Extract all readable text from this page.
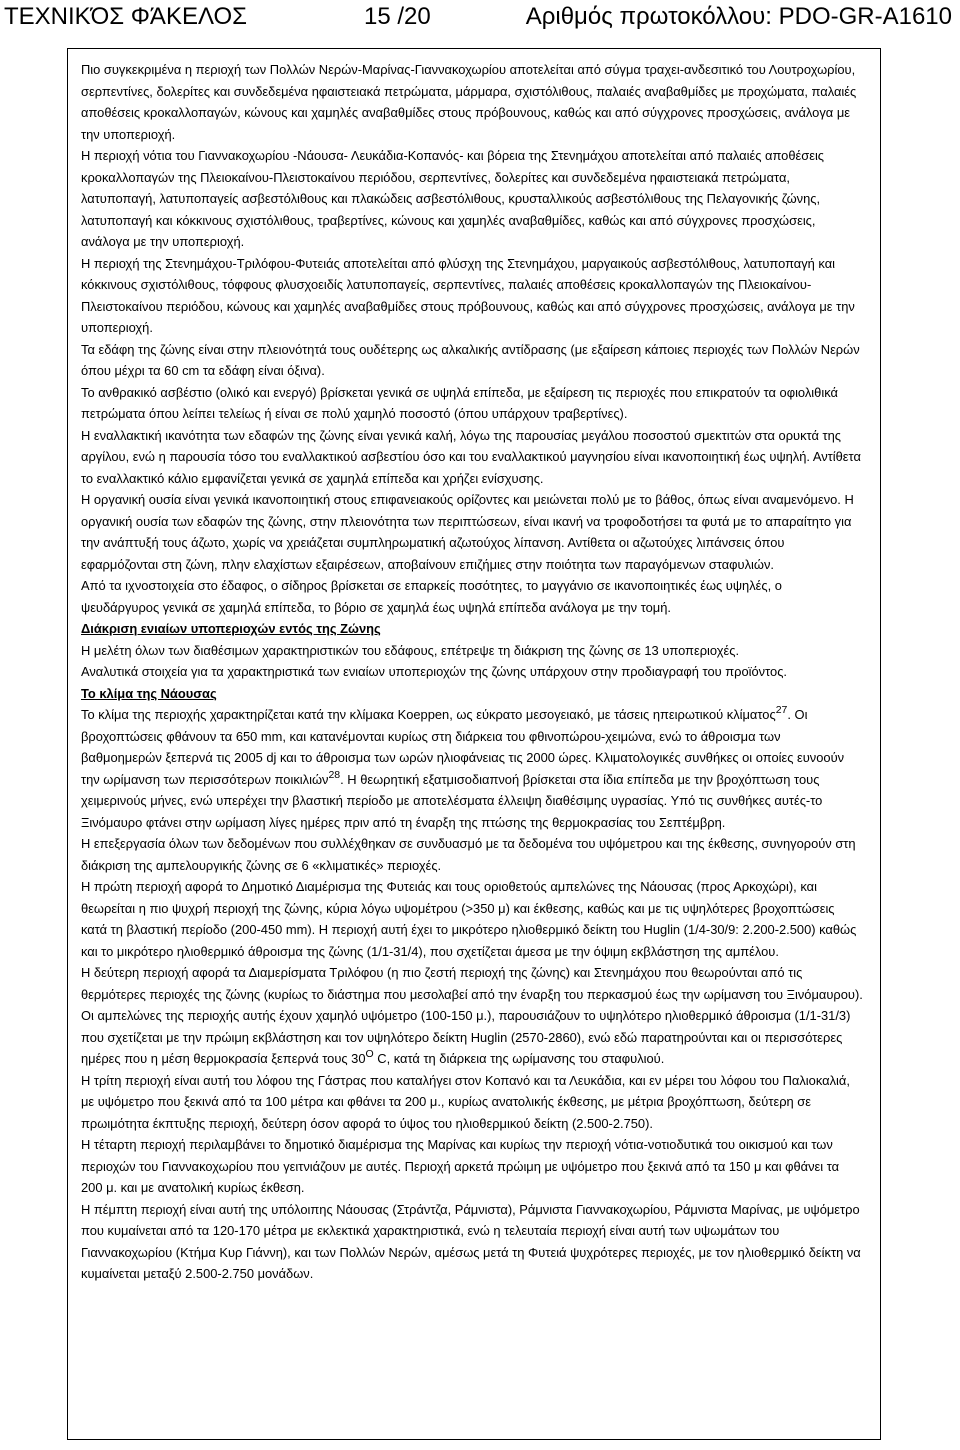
ΤΕΧΝΙΚΌΣ ΦΆΚΕΛΟΣ	15 /20	Αριθμός πρωτοκόλλου: PDO-GR-A1610

Πιο συγκεκριμένα η περιοχή των Πολλών Νερών-Μαρίνας-Γιαννακοχωρίου αποτελείται από σύγμα τραχει-ανδεσιτικό του Λουτροχωρίου, σερπεντίνες, δολερίτες και συνδεδεμένα ηφαιστειακά πετρώματα, μάρμαρα, σχιστόλιθους, παλαιές αναβαθμίδες με προχώματα, παλαιές αποθέσεις κροκαλλοπαγών, κώνους και χαμηλές αναβαθμίδες στους πρόβουνους, καθώς και από σύγχρονες προσχώσεις, ανάλογα με την υποπεριοχή.

Η περιοχή νότια του Γιαννακοχωρίου -Νάουσα- Λευκάδια-Κοπανός- και βόρεια της Στενημάχου αποτελείται από παλαιές αποθέσεις κροκαλλοπαγών της Πλειοκαίνου-Πλειστοκαίνου περιόδου, σερπεντίνες, δολερίτες και συνδεδεμένα ηφαιστειακά πετρώματα, λατυποπαγή, λατυποπαγείς ασβεστόλιθους και πλακώδεις ασβεστόλιθους, κρυσταλλικούς ασβεστόλιθους της Πελαγονικής ζώνης, λατυποπαγή και κόκκινους σχιστόλιθους, τραβερτίνες, κώνους και χαμηλές αναβαθμίδες, καθώς και από σύγχρονες προσχώσεις, ανάλογα με την υποπεριοχή.

Η περιοχή της Στενημάχου-Τριλόφου-Φυτειάς αποτελείται από φλύσχη της Στενημάχου, μαργαικούς ασβεστόλιθους, λατυποπαγή και κόκκινους σχιστόλιθους, τόφφους φλυσχοειδίς λατυποπαγείς, σερπεντίνες, παλαιές αποθέσεις κροκαλλοπαγών της Πλειοκαίνου-Πλειστοκαίνου περιόδου, κώνους και χαμηλές αναβαθμίδες στους πρόβουνους, καθώς και από σύγχρονες προσχώσεις, ανάλογα με την υποπεριοχή.

Τα εδάφη της ζώνης είναι στην πλειονότητά τους ουδέτερης ως αλκαλικής αντίδρασης (με εξαίρεση κάποιες περιοχές των Πολλών Νερών όπου μέχρι τα 60 cm τα εδάφη είναι όξινα).

Το ανθρακικό ασβέστιο (ολικό και ενεργό) βρίσκεται γενικά σε υψηλά επίπεδα, με εξαίρεση τις περιοχές που επικρατούν τα οφιολιθικά πετρώματα όπου λείπει τελείως ή είναι σε πολύ χαμηλό ποσοστό (όπου υπάρχουν τραβερτίνες).

Η εναλλακτική ικανότητα των εδαφών της ζώνης είναι γενικά καλή, λόγω της παρουσίας μεγάλου ποσοστού σμεκτιτών στα ορυκτά της αργίλου, ενώ η παρουσία τόσο του εναλλακτικού ασβεστίου όσο και του εναλλακτικού μαγνησίου είναι ικανοποιητική έως υψηλή. Αντίθετα το εναλλακτικό κάλιο εμφανίζεται γενικά σε χαμηλά επίπεδα και χρήζει ενίσχυσης.

Η οργανική ουσία είναι γενικά ικανοποιητική στους επιφανειακούς ορίζοντες και μειώνεται πολύ με το βάθος, όπως είναι αναμενόμενο. Η οργανική ουσία των εδαφών της ζώνης, στην πλειονότητα των περιπτώσεων, είναι ικανή να τροφοδοτήσει τα φυτά με το απαραίτητο για την ανάπτυξή τους άζωτο, χωρίς να χρειάζεται συμπληρωματική αζωτούχος λίπανση. Αντίθετα οι αζωτούχες λιπάνσεις όπου εφαρμόζονται στη ζώνη, πλην ελαχίστων εξαιρέσεων, αποβαίνουν επιζήμιες στην ποιότητα των παραγόμενων σταφυλιών.

Από τα ιχνοστοιχεία στο έδαφος, ο σίδηρος βρίσκεται σε επαρκείς ποσότητες, το μαγγάνιο σε ικανοποιητικές έως υψηλές, ο ψευδάργυρος γενικά σε χαμηλά επίπεδα, το βόριο σε χαμηλά έως υψηλά επίπεδα ανάλογα με την τομή.

Διάκριση ενιαίων υποπεριοχών εντός της Ζώνης

Η μελέτη όλων των διαθέσιμων χαρακτηριστικών του εδάφους, επέτρεψε τη διάκριση της ζώνης σε 13 υποπεριοχές.

Αναλυτικά στοιχεία για τα χαρακτηριστικά των ενιαίων υποπεριοχών της ζώνης υπάρχουν στην προδιαγραφή του προϊόντος.

Το κλίμα της Νάουσας

Το κλίμα της περιοχής χαρακτηρίζεται κατά την κλίμακα Koeppen, ως εύκρατο μεσογειακό, με τάσεις ηπειρωτικού κλίματος$^{27}$. Οι βροχοπτώσεις φθάνουν τα 650 mm, και κατανέμονται κυρίως στη διάρκεια του φθινοπώρου-χειμώνα, ενώ το άθροισμα των βαθμοημερών ξεπερνά τις 2005 dj και το άθροισμα των ωρών ηλιοφάνειας τις 2000 ώρες. Κλιματολογικές συνθήκες οι οποίες ευνοούν την ωρίμανση των περισσότερων ποικιλιών$^{28}$. Η θεωρητική εξατμισοδιαπνοή βρίσκεται στα ίδια επίπεδα με την βροχόπτωση τους χειμερινούς μήνες, ενώ υπερέχει την βλαστική περίοδο με αποτελέσματα έλλειψη διαθέσιμης υγρασίας. Υπό τις συνθήκες αυτές-το Ξινόμαυρο φτάνει στην ωρίμαση λίγες ημέρες πριν από τη έναρξη της πτώσης της θερμοκρασίας του Σεπτέμβρη.

Η επεξεργασία όλων των δεδομένων που συλλέχθηκαν σε συνδυασμό με τα δεδομένα του υψόμετρου και της έκθεσης, συνηγορούν στη διάκριση της αμπελουργικής ζώνης σε 6 «κλιματικές» περιοχές.

Η πρώτη περιοχή αφορά το Δημοτικό Διαμέρισμα της Φυτειάς και τους οριοθετούς αμπελώνες της Νάουσας (προς Αρκοχώρι), και θεωρείται η πιο ψυχρή περιοχή της ζώνης, κύρια λόγω υψομέτρου (>350 μ) και έκθεσης, καθώς και με τις υψηλότερες βροχοπτώσεις κατά τη βλαστική περίοδο (200-450 mm). Η περιοχή αυτή έχει το μικρότερο ηλιοθερμικό δείκτη του Huglin (1/4-30/9: 2.200-2.500) καθώς και το μικρότερο ηλιοθερμικό άθροισμα της ζώνης (1/1-31/4), που σχετίζεται άμεσα με την όψιμη εκβλάστηση της αμπέλου.

Η δεύτερη περιοχή αφορά τα Διαμερίσματα Τριλόφου (η πιο ζεστή περιοχή της ζώνης) και Στενημάχου που θεωρούνται από τις θερμότερες περιοχές της ζώνης (κυρίως το διάστημα που μεσολαβεί από την έναρξη του περκασμού έως την ωρίμανση του Ξινόμαυρου). Οι αμπελώνες της περιοχής αυτής έχουν χαμηλό υψόμετρο (100-150 μ.), παρουσιάζουν το υψηλότερο ηλιοθερμικό άθροισμα (1/1-31/3) που σχετίζεται με την πρώιμη εκβλάστηση και τον υψηλότερο δείκτη Huglin (2570-2860), ενώ εδώ παρατηρούνται και οι περισσότερες ημέρες που η μέση θερμοκρασία ξεπερνά τους $30^O$ C, κατά τη διάρκεια της ωρίμανσης του σταφυλιού.

Η τρίτη περιοχή είναι αυτή του λόφου της Γάστρας που καταλήγει στον Κοπανό και τα Λευκάδια, και εν μέρει του λόφου του Παλιοκαλιά, με υψόμετρο που ξεκινά από τα 100 μέτρα και φθάνει τα 200 μ., κυρίως ανατολικής έκθεσης, με μέτρια βροχόπτωση, δεύτερη σε πρωιμότητα έκπτυξης περιοχή, δεύτερη όσον αφορά το ύψος του ηλιοθερμικού δείκτη (2.500-2.750).

Η τέταρτη περιοχή περιλαμβάνει το δημοτικό διαμέρισμα της Μαρίνας και κυρίως την περιοχή νότια-νοτιοδυτικά του οικισμού και των περιοχών του Γιαννακοχωρίου που γειτνιάζουν με αυτές. Περιοχή αρκετά πρώιμη με υψόμετρο που ξεκινά από τα 150 μ και φθάνει τα 200 μ. και με ανατολική κυρίως έκθεση.

Η πέμπτη περιοχή είναι αυτή της υπόλοιπης Νάουσας (Στράντζα, Ράμνιστα), Ράμνιστα Γιαννακοχωρίου, Ράμνιστα Μαρίνας, με υψόμετρο που κυμαίνεται από τα 120-170 μέτρα με εκλεκτικά χαρακτηριστικά, ενώ η τελευταία περιοχή είναι αυτή των υψωμάτων του Γιαννακοχωρίου (Κτήμα Κυρ Γιάννη), και των Πολλών Νερών, αμέσως μετά τη Φυτειά ψυχρότερες περιοχές, με τον ηλιοθερμικό δείκτη να κυμαίνεται μεταξύ 2.500-2.750 μονάδων.
